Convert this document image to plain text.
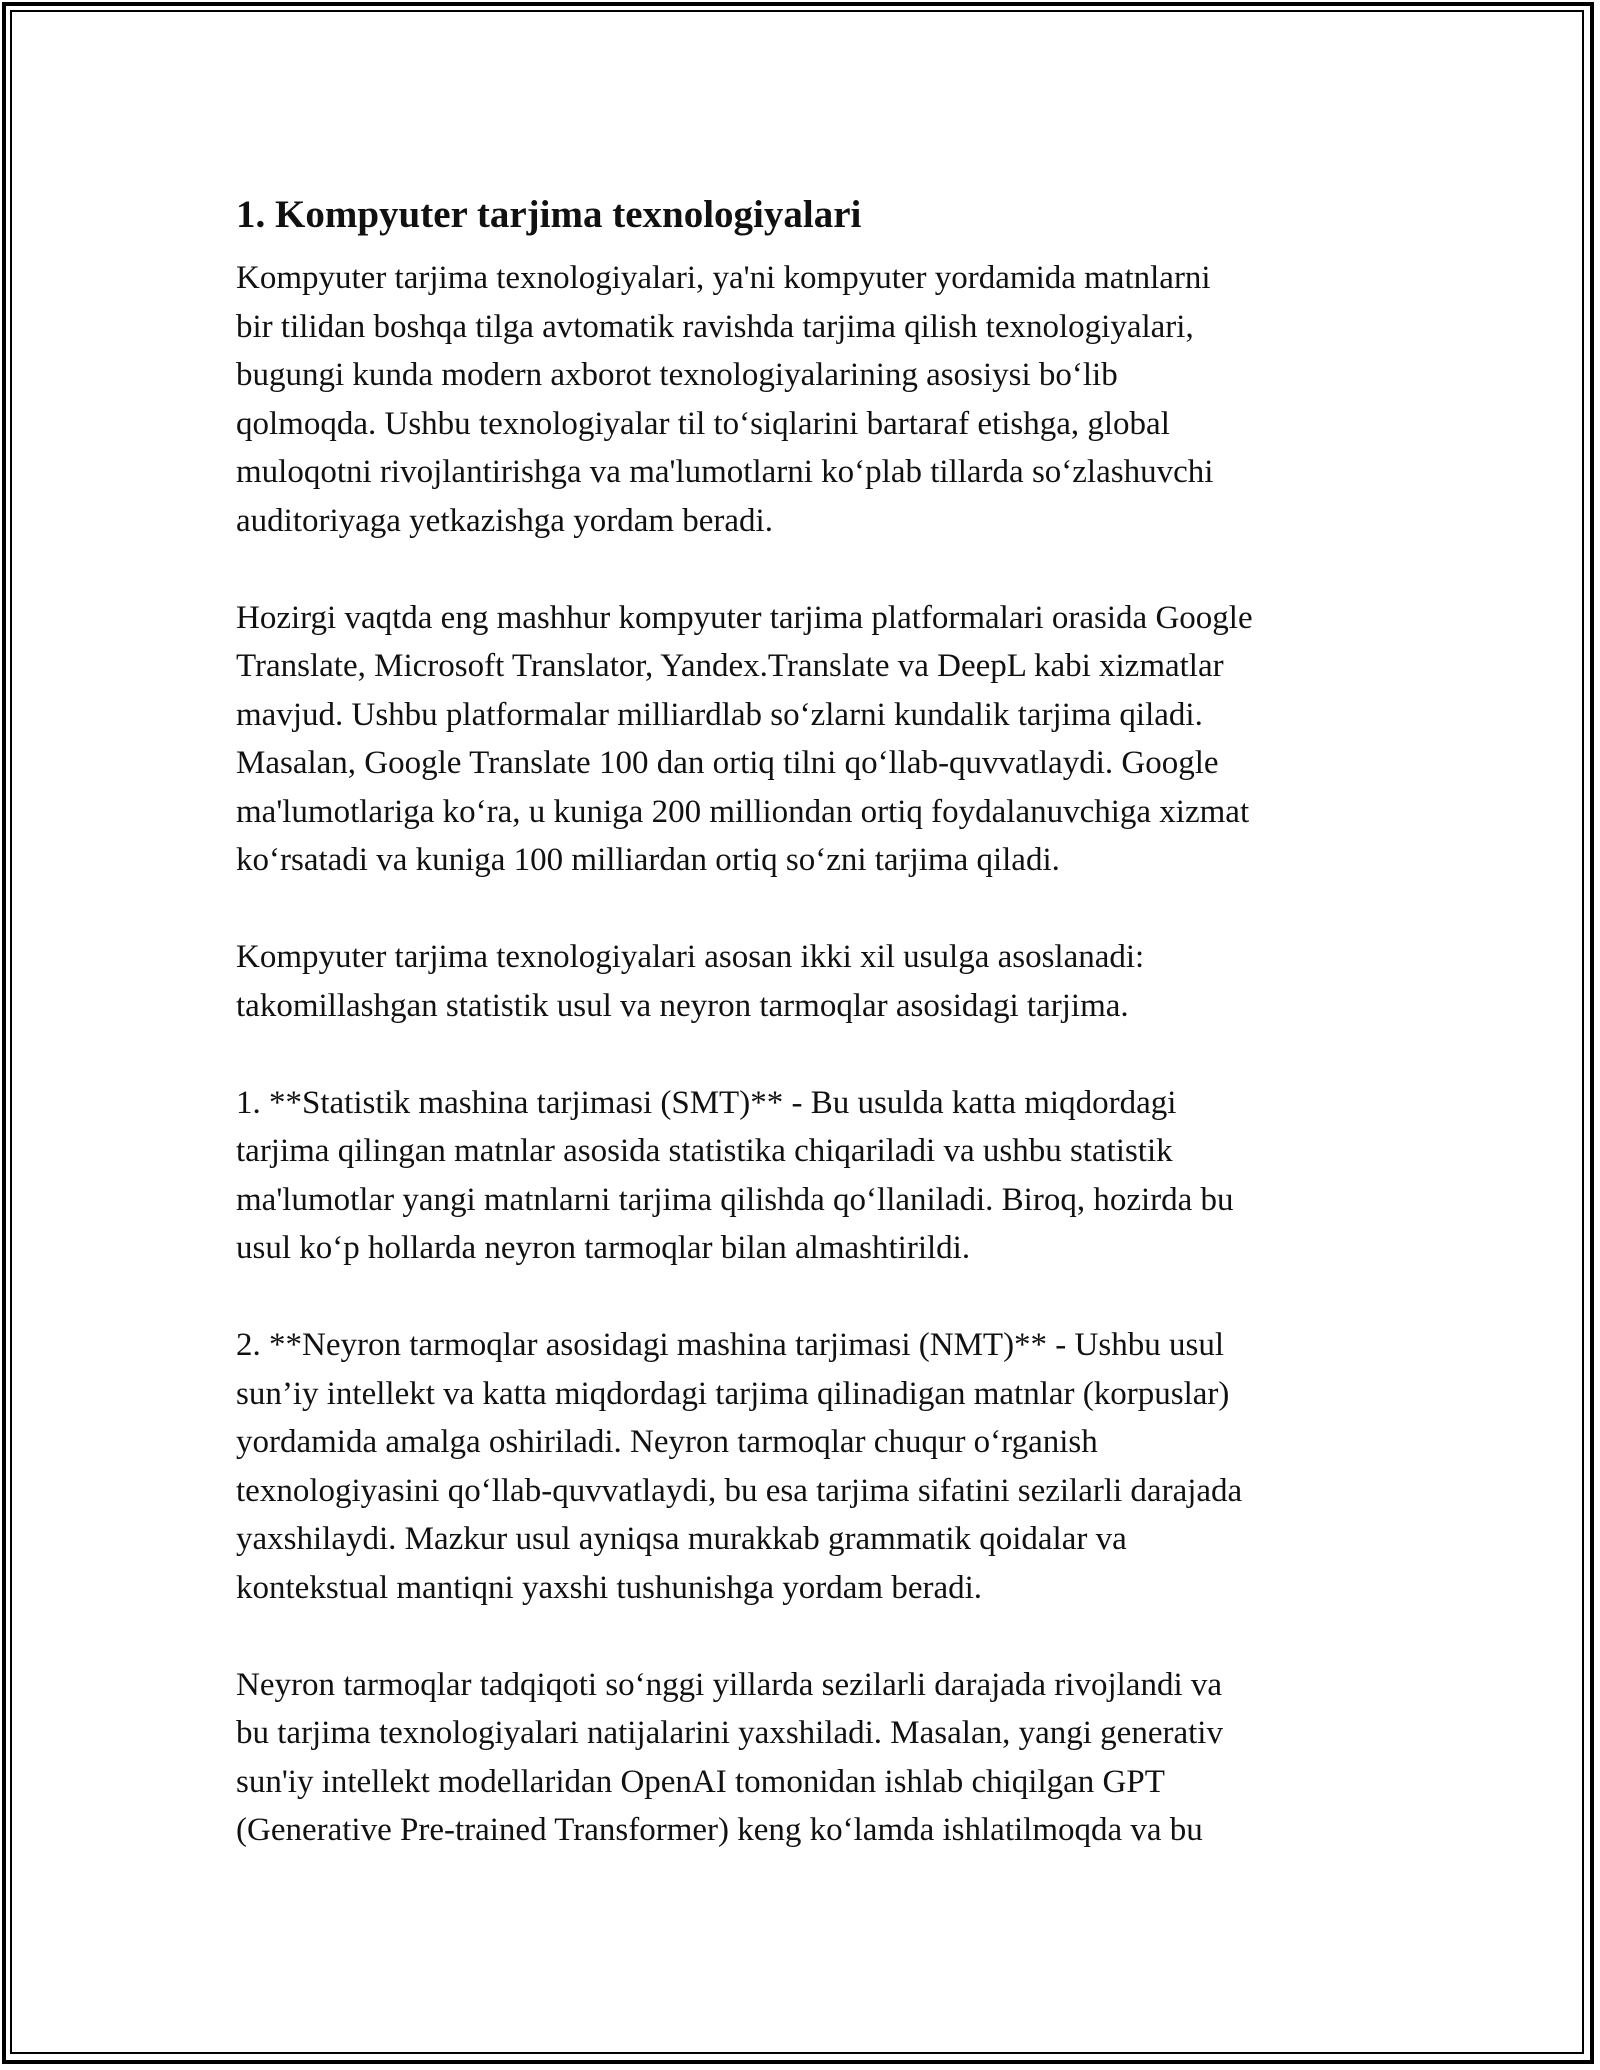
1. Kompyuter tarjima texnologiyalari
Kompyuter tarjima texnologiyalari, ya'ni kompyuter yordamida matnlarni
bir tilidan boshqa tilga avtomatik ravishda tarjima qilish texnologiyalari,
bugungi kunda modern axborot texnologiyalarining asosiysi boʻlib
qolmoqda. Ushbu texnologiyalar til toʻsiqlarini bartaraf etishga, global
muloqotni rivojlantirishga va ma'lumotlarni koʻplab tillarda soʻzlashuvchi
auditoriyaga yetkazishga yordam beradi.
Hozirgi vaqtda eng mashhur kompyuter tarjima platformalari orasida Google
Translate, Microsoft Translator, Yandex.Translate va DeepL kabi xizmatlar
mavjud. Ushbu platformalar milliardlab soʻzlarni kundalik tarjima qiladi.
Masalan, Google Translate 100 dan ortiq tilni qoʻllab-quvvatlaydi. Google
ma'lumotlariga koʻra, u kuniga 200 milliondan ortiq foydalanuvchiga xizmat
koʻrsatadi va kuniga 100 milliardan ortiq soʻzni tarjima qiladi.
Kompyuter tarjima texnologiyalari asosan ikki xil usulga asoslanadi:
takomillashgan statistik usul va neyron tarmoqlar asosidagi tarjima.
1. **Statistik mashina tarjimasi (SMT)** - Bu usulda katta miqdordagi
tarjima qilingan matnlar asosida statistika chiqariladi va ushbu statistik
ma'lumotlar yangi matnlarni tarjima qilishda qoʻllaniladi. Biroq, hozirda bu
usul koʻp hollarda neyron tarmoqlar bilan almashtirildi.
2. **Neyron tarmoqlar asosidagi mashina tarjimasi (NMT)** - Ushbu usul
sun’iy intellekt va katta miqdordagi tarjima qilinadigan matnlar (korpuslar)
yordamida amalga oshiriladi. Neyron tarmoqlar chuqur oʻrganish
texnologiyasini qoʻllab-quvvatlaydi, bu esa tarjima sifatini sezilarli darajada
yaxshilaydi. Mazkur usul ayniqsa murakkab grammatik qoidalar va
kontekstual mantiqni yaxshi tushunishga yordam beradi.
Neyron tarmoqlar tadqiqoti soʻnggi yillarda sezilarli darajada rivojlandi va
bu tarjima texnologiyalari natijalarini yaxshiladi. Masalan, yangi generativ
sun'iy intellekt modellaridan OpenAI tomonidan ishlab chiqilgan GPT
(Generative Pre-trained Transformer) keng koʻlamda ishlatilmoqda va bu
